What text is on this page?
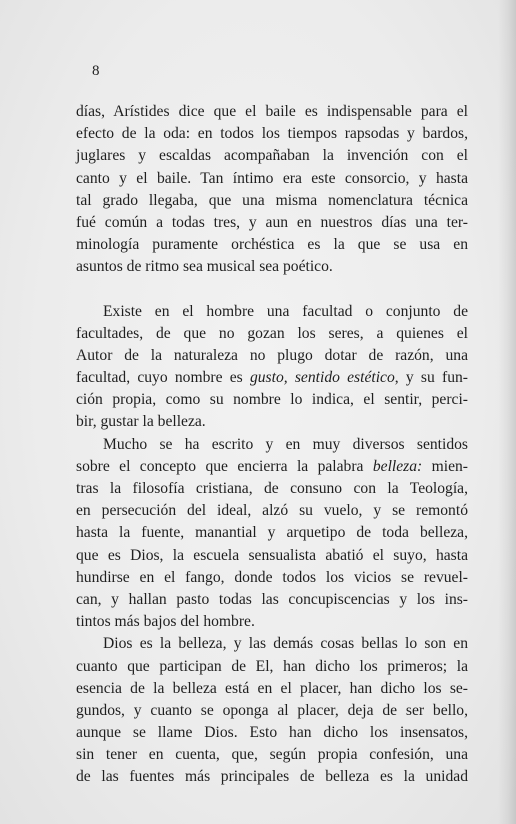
8
días, Arístides dice que el baile es indispensable para el
efecto de la oda: en todos los tiempos rapsodas y bardos,
juglares y escaldas acompañaban la invención con el
canto y el baile. Tan íntimo era este consorcio, y hasta
tal grado llegaba, que una misma nomenclatura técnica
fué común a todas tres, y aun en nuestros días una ter-
minología puramente orchéstica es la que se usa en
asuntos de ritmo sea musical sea poético.
Existe en el hombre una facultad o conjunto de
facultades, de que no gozan los seres, a quienes el
Autor de la naturaleza no plugo dotar de razón, una
facultad, cuyo nombre es gusto, sentido estético, y su fun-
ción propia, como su nombre lo indica, el sentir, perci-
bir, gustar la belleza.
Mucho se ha escrito y en muy diversos sentidos
sobre el concepto que encierra la palabra belleza: mien-
tras la filosofía cristiana, de consuno con la Teología,
en persecución del ideal, alzó su vuelo, y se remontó
hasta la fuente, manantial y arquetipo de toda belleza,
que es Dios, la escuela sensualista abatió el suyo, hasta
hundirse en el fango, donde todos los vicios se revuel-
can, y hallan pasto todas las concupiscencias y los ins-
tintos más bajos del hombre.
Dios es la belleza, y las demás cosas bellas lo son en
cuanto que participan de El, han dicho los primeros; la
esencia de la belleza está en el placer, han dicho los se-
gundos, y cuanto se oponga al placer, deja de ser bello,
aunque se llame Dios. Esto han dicho los insensatos,
sin tener en cuenta, que, según propia confesión, una
de las fuentes más principales de belleza es la unidad
